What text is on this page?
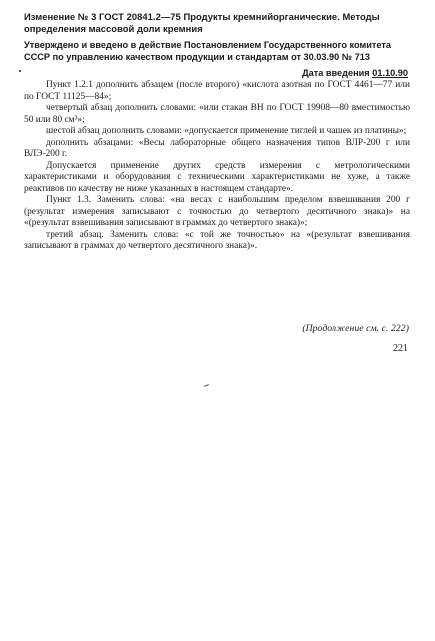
Изменение № 3 ГОСТ 20841.2—75 Продукты кремнийорганические. Методы определения массовой доли кремния
Утверждено и введено в действие Постановлением Государственного комитета СССР по управлению качеством продукции и стандартам от 30.03.90 № 713
Дата введения 01.10.90

Пункт 1.2.1 дополнить абзацем (после второго) «кислота азотная по ГОСТ 4461—77 или по ГОСТ 11125—84»;

четвертый абзац дополнить словами: «или стакан ВН по ГОСТ 19908—80 вместимостью 50 или 80 см³»;

шестой абзац дополнить словами: «допускается применение тиглей и чашек из платины»;

дополнить абзацами: «Весы лабораторные общего назначения типов ВЛР-200 г или ВЛЭ-200 г.

Допускается применение других средств измерения с метрологическими характеристиками и оборудования с техническими характеристиками не хуже, а также реактивов по качеству не ниже указанных в настоящем стандарте».

Пункт 1.3. Заменить слова: «на весах с наибольшим пределом взвешивания 200 г (результат измерения записывают с точностью до четвертого десятичного знака)» на «(результат взвешивания записывают в граммах до четвертого знака)»;

третий абзац. Заменить слова: «с той же точностью» на «(результат взвешивания записывают в граммах до четвертого десятичного знака)».

(Продолжение см. с. 222)
221
